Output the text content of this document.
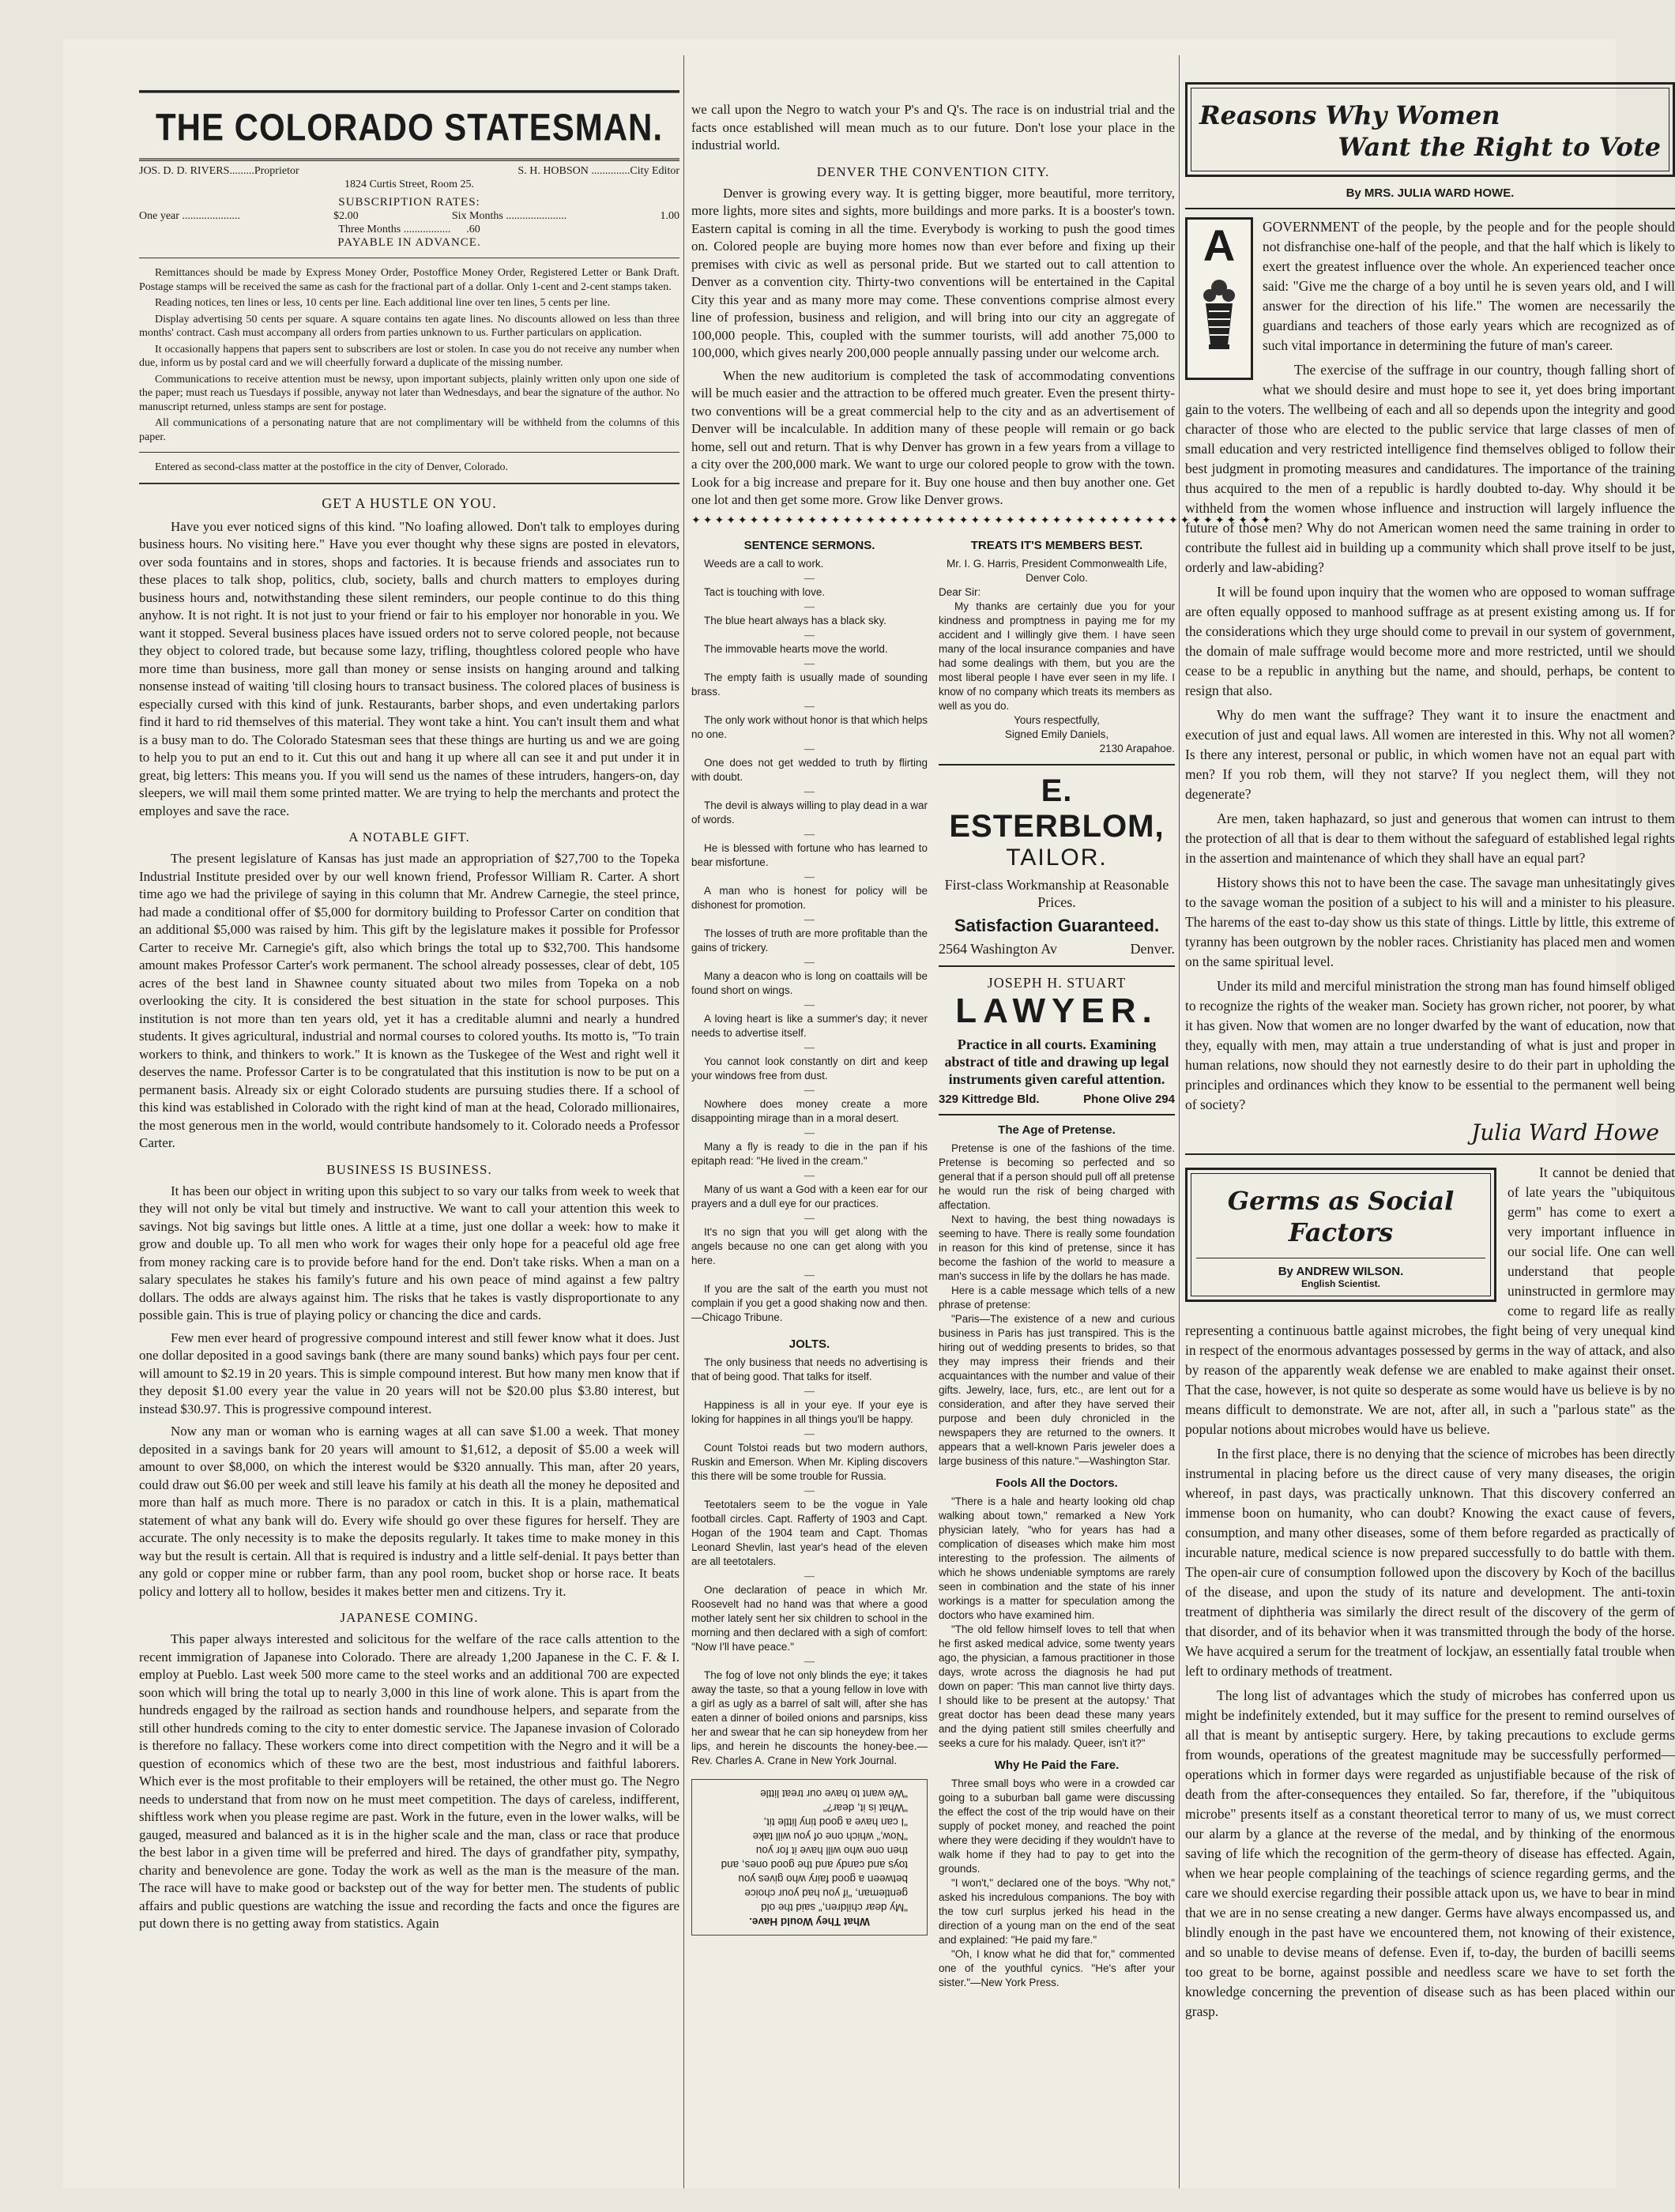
THE COLORADO STATESMAN.
JOS. D. D. RIVERS.........Proprietor	S. H. HOBSON ..............City Editor
1824 Curtis Street, Room 25.
SUBSCRIPTION RATES:
One year .....................	$2.00	Six Months ......................	1.00
Three Months ................. .60
PAYABLE IN ADVANCE.

Remittances should be made by Express Money Order, Postoffice Money Order, Registered Letter or Bank Draft. Postage stamps will be received the same as cash for the fractional part of a dollar. Only 1-cent and 2-cent stamps taken.

Reading notices, ten lines or less, 10 cents per line. Each additional line over ten lines, 5 cents per line.

Display advertising 50 cents per square. A square contains ten agate lines. No discounts allowed on less than three months' contract. Cash must accompany all orders from parties unknown to us. Further particulars on application.

It occasionally happens that papers sent to subscribers are lost or stolen. In case you do not receive any number when due, inform us by postal card and we will cheerfully forward a duplicate of the missing number.

Communications to receive attention must be newsy, upon important subjects, plainly written only upon one side of the paper; must reach us Tuesdays if possible, anyway not later than Wednesdays, and bear the signature of the author. No manuscript returned, unless stamps are sent for postage.

All communications of a personating nature that are not complimentary will be withheld from the columns of this paper.

Entered as second-class matter at the postoffice in the city of Denver, Colorado.

GET A HUSTLE ON YOU.

Have you ever noticed signs of this kind. "No loafing allowed. Don't talk to employes during business hours. No visiting here." Have you ever thought why these signs are posted in elevators, over soda fountains and in stores, shops and factories. It is because friends and associates run to these places to talk shop, politics, club, society, balls and church matters to employes during business hours and, notwithstanding these silent reminders, our people continue to do this thing anyhow. It is not right. It is not just to your friend or fair to his employer nor honorable in you. We want it stopped. Several business places have issued orders not to serve colored people, not because they object to colored trade, but because some lazy, trifling, thoughtless colored people who have more time than business, more gall than money or sense insists on hanging around and talking nonsense instead of waiting 'till closing hours to transact business. The colored places of business is especially cursed with this kind of junk. Restaurants, barber shops, and even undertaking parlors find it hard to rid themselves of this material. They wont take a hint. You can't insult them and what is a busy man to do. The Colorado Statesman sees that these things are hurting us and we are going to help you to put an end to it. Cut this out and hang it up where all can see it and put under it in great, big letters: This means you. If you will send us the names of these intruders, hangers-on, day sleepers, we will mail them some printed matter. We are trying to help the merchants and protect the employes and save the race.

A NOTABLE GIFT.

The present legislature of Kansas has just made an appropriation of $27,700 to the Topeka Industrial Institute presided over by our well known friend, Professor William R. Carter. A short time ago we had the privilege of saying in this column that Mr. Andrew Carnegie, the steel prince, had made a conditional offer of $5,000 for dormitory building to Professor Carter on condition that an additional $5,000 was raised by him. This gift by the legislature makes it possible for Professor Carter to receive Mr. Carnegie's gift, also which brings the total up to $32,700. This handsome amount makes Professor Carter's work permanent. The school already possesses, clear of debt, 105 acres of the best land in Shawnee county situated about two miles from Topeka on a nob overlooking the city. It is considered the best situation in the state for school purposes. This institution is not more than ten years old, yet it has a creditable alumni and nearly a hundred students. It gives agricultural, industrial and normal courses to colored youths. Its motto is, "To train workers to think, and thinkers to work." It is known as the Tuskegee of the West and right well it deserves the name. Professor Carter is to be congratulated that this institution is now to be put on a permanent basis. Already six or eight Colorado students are pursuing studies there. If a school of this kind was established in Colorado with the right kind of man at the head, Colorado millionaires, the most generous men in the world, would contribute handsomely to it. Colorado needs a Professor Carter.

BUSINESS IS BUSINESS.

It has been our object in writing upon this subject to so vary our talks from week to week that they will not only be vital but timely and instructive. We want to call your attention this week to savings. Not big savings but little ones. A little at a time, just one dollar a week: how to make it grow and double up. To all men who work for wages their only hope for a peaceful old age free from money racking care is to provide before hand for the end. Don't take risks. When a man on a salary speculates he stakes his family's future and his own peace of mind against a few paltry dollars. The odds are always against him. The risks that he takes is vastly disproportionate to any possible gain. This is true of playing policy or chancing the dice and cards.

Few men ever heard of progressive compound interest and still fewer know what it does. Just one dollar deposited in a good savings bank (there are many sound banks) which pays four per cent. will amount to $2.19 in 20 years. This is simple compound interest. But how many men know that if they deposit $1.00 every year the value in 20 years will not be $20.00 plus $3.80 interest, but instead $30.97. This is progressive compound interest.

Now any man or woman who is earning wages at all can save $1.00 a week. That money deposited in a savings bank for 20 years will amount to $1,612, a deposit of $5.00 a week will amount to over $8,000, on which the interest would be $320 annually. This man, after 20 years, could draw out $6.00 per week and still leave his family at his death all the money he deposited and more than half as much more. There is no paradox or catch in this. It is a plain, mathematical statement of what any bank will do. Every wife should go over these figures for herself. They are accurate. The only necessity is to make the deposits regularly. It takes time to make money in this way but the result is certain. All that is required is industry and a little self-denial. It pays better than any gold or copper mine or rubber farm, than any pool room, bucket shop or horse race. It beats policy and lottery all to hollow, besides it makes better men and citizens. Try it.

JAPANESE COMING.

This paper always interested and solicitous for the welfare of the race calls attention to the recent immigration of Japanese into Colorado. There are already 1,200 Japanese in the C. F. & I. employ at Pueblo. Last week 500 more came to the steel works and an additional 700 are expected soon which will bring the total up to nearly 3,000 in this line of work alone. This is apart from the hundreds engaged by the railroad as section hands and roundhouse helpers, and separate from the still other hundreds coming to the city to enter domestic service. The Japanese invasion of Colorado is therefore no fallacy. These workers come into direct competition with the Negro and it will be a question of economics which of these two are the best, most industrious and faithful laborers. Which ever is the most profitable to their employers will be retained, the other must go. The Negro needs to understand that from now on he must meet competition. The days of careless, indifferent, shiftless work when you please regime are past. Work in the future, even in the lower walks, will be gauged, measured and balanced as it is in the higher scale and the man, class or race that produce the best labor in a given time will be preferred and hired. The days of grandfather pity, sympathy, charity and benevolence are gone. Today the work as well as the man is the measure of the man. The race will have to make good or backstep out of the way for better men. The students of public affairs and public questions are watching the issue and recording the facts and once the figures are put down there is no getting away from statistics. Again

we call upon the Negro to watch your P's and Q's. The race is on industrial trial and the facts once established will mean much as to our future. Don't lose your place in the industrial world.

DENVER THE CONVENTION CITY.

Denver is growing every way. It is getting bigger, more beautiful, more territory, more lights, more sites and sights, more buildings and more parks. It is a booster's town. Eastern capital is coming in all the time. Everybody is working to push the good times on. Colored people are buying more homes now than ever before and fixing up their premises with civic as well as personal pride. But we started out to call attention to Denver as a convention city. Thirty-two conventions will be entertained in the Capital City this year and as many more may come. These conventions comprise almost every line of profession, business and religion, and will bring into our city an aggregate of 100,000 people. This, coupled with the summer tourists, will add another 75,000 to 100,000, which gives nearly 200,000 people annually passing under our welcome arch.

When the new auditorium is completed the task of accommodating conventions will be much easier and the attraction to be offered much greater. Even the present thirty-two conventions will be a great commercial help to the city and as an advertisement of Denver will be incalculable. In addition many of these people will remain or go back home, sell out and return. That is why Denver has grown in a few years from a village to a city over the 200,000 mark. We want to urge our colored people to grow with the town. Look for a big increase and prepare for it. Buy one house and then buy another one. Get one lot and then get some more. Grow like Denver grows.

✦✦✦✦✦✦✦✦✦✦✦✦✦✦✦✦✦✦✦✦✦✦✦✦✦✦✦✦✦✦✦✦✦✦✦✦✦✦✦✦✦✦✦✦✦✦✦✦✦✦
SENTENCE SERMONS.

Weeds are a call to work.

—

Tact is touching with love.

—

The blue heart always has a black sky.

—

The immovable hearts move the world.

—

The empty faith is usually made of sounding brass.

—

The only work without honor is that which helps no one.

—

One does not get wedded to truth by flirting with doubt.

—

The devil is always willing to play dead in a war of words.

—

He is blessed with fortune who has learned to bear misfortune.

—

A man who is honest for policy will be dishonest for promotion.

—

The losses of truth are more profitable than the gains of trickery.

—

Many a deacon who is long on coattails will be found short on wings.

—

A loving heart is like a summer's day; it never needs to advertise itself.

—

You cannot look constantly on dirt and keep your windows free from dust.

—

Nowhere does money create a more disappointing mirage than in a moral desert.

—

Many a fly is ready to die in the pan if his epitaph read: "He lived in the cream."

—

Many of us want a God with a keen ear for our prayers and a dull eye for our practices.

—

It's no sign that you will get along with the angels because no one can get along with you here.

—

If you are the salt of the earth you must not complain if you get a good shaking now and then.—Chicago Tribune.

JOLTS.

The only business that needs no advertising is that of being good. That talks for itself.

—

Happiness is all in your eye. If your eye is loking for happines in all things you'll be happy.

—

Count Tolstoi reads but two modern authors, Ruskin and Emerson. When Mr. Kipling discovers this there will be some trouble for Russia.

—

Teetotalers seem to be the vogue in Yale football circles. Capt. Rafferty of 1903 and Capt. Hogan of the 1904 team and Capt. Thomas Leonard Shevlin, last year's head of the eleven are all teetotalers.

—

One declaration of peace in which Mr. Roosevelt had no hand was that where a good mother lately sent her six children to school in the morning and then declared with a sigh of comfort: "Now I'll have peace."

—

The fog of love not only blinds the eye; it takes away the taste, so that a young fellow in love with a girl as ugly as a barrel of salt will, after she has eaten a dinner of boiled onions and parsnips, kiss her and swear that he can sip honeydew from her lips, and herein he discounts the honey-bee.—Rev. Charles A. Crane in New York Journal.

What They Would Have.

"My dear children," said the old

gentleman, "if you had your choice

between a good fairy who gives you

toys and candy and the good ones, and

then one who will have it for you

"Now," which one of you will take

"I can have a good tiny little tit,

"What is it, dear?"

"We want to have our treat little

TREATS IT'S MEMBERS BEST.

Mr. I. G. Harris, President Commonwealth Life, Denver Colo.

Dear Sir:

My thanks are certainly due you for your kindness and promptness in paying me for my accident and I willingly give them. I have seen many of the local insurance companies and have had some dealings with them, but you are the most liberal people I have ever seen in my life. I know of no company which treats its members as well as you do.

Yours respectfully,

Signed Emily Daniels,

2130 Arapahoe.

E. ESTERBLOM,
TAILOR.
First-class Workmanship at Reasonable Prices.
Satisfaction Guaranteed.
2564 Washington Av	Denver.
JOSEPH H. STUART
LAWYER.
Practice in all courts. Examining abstract of title and drawing up legal instruments given careful attention.
329 Kittredge Bld.	Phone Olive 294
The Age of Pretense.

Pretense is one of the fashions of the time. Pretense is becoming so perfected and so general that if a person should pull off all pretense he would run the risk of being charged with affectation.

Next to having, the best thing nowadays is seeming to have. There is really some foundation in reason for this kind of pretense, since it has become the fashion of the world to measure a man's success in life by the dollars he has made.

Here is a cable message which tells of a new phrase of pretense:

"Paris—The existence of a new and curious business in Paris has just transpired. This is the hiring out of wedding presents to brides, so that they may impress their friends and their acquaintances with the number and value of their gifts. Jewelry, lace, furs, etc., are lent out for a consideration, and after they have served their purpose and been duly chronicled in the newspapers they are returned to the owners. It appears that a well-known Paris jeweler does a large business of this nature."—Washington Star.

Fools All the Doctors.

"There is a hale and hearty looking old chap walking about town," remarked a New York physician lately, "who for years has had a complication of diseases which make him most interesting to the profession. The ailments of which he shows undeniable symptoms are rarely seen in combination and the state of his inner workings is a matter for speculation among the doctors who have examined him.

"The old fellow himself loves to tell that when he first asked medical advice, some twenty years ago, the physician, a famous practitioner in those days, wrote across the diagnosis he had put down on paper: 'This man cannot live thirty days. I should like to be present at the autopsy.' That great doctor has been dead these many years and the dying patient still smiles cheerfully and seeks a cure for his malady. Queer, isn't it?"

Why He Paid the Fare.

Three small boys who were in a crowded car going to a suburban ball game were discussing the effect the cost of the trip would have on their supply of pocket money, and reached the point where they were deciding if they wouldn't have to walk home if they had to pay to get into the grounds.

"I won't," declared one of the boys. "Why not," asked his incredulous companions. The boy with the tow curl surplus jerked his head in the direction of a young man on the end of the seat and explained: "He paid my fare."

"Oh, I know what he did that for," commented one of the youthful cynics. "He's after your sister."—New York Press.

Reasons Why Women
Want the Right to Vote
By MRS. JULIA WARD HOWE.
A	GOVERNMENT of the people, by the people and for the people should not disfranchise one-half of the people, and that the half which is likely to exert the greatest influence over the whole. An experienced teacher once said: "Give me the charge of a boy until he is seven years old, and I will answer for the direction of his life." The women are necessarily the guardians and teachers of those early years which are recognized as of such vital importance in determining the future of man's career.

The exercise of the suffrage in our country, though falling short of what we should desire and must hope to see it, yet does bring important gain to the voters. The wellbeing of each and all so depends upon the integrity and good character of those who are elected to the public service that large classes of men of small education and very restricted intelligence find themselves obliged to follow their best judgment in promoting measures and candidatures. The importance of the training thus acquired to the men of a republic is hardly doubted to-day. Why should it be withheld from the women whose influence and instruction will largely influence the future of those men? Why do not American women need the same training in order to contribute the fullest aid in building up a community which shall prove itself to be just, orderly and law-abiding?

It will be found upon inquiry that the women who are opposed to woman suffrage are often equally opposed to manhood suffrage as at present existing among us. If for the considerations which they urge should come to prevail in our system of government, the domain of male suffrage would become more and more restricted, until we should cease to be a republic in anything but the name, and should, perhaps, be content to resign that also.

Why do men want the suffrage? They want it to insure the enactment and execution of just and equal laws. All women are interested in this. Why not all women? Is there any interest, personal or public, in which women have not an equal part with men? If you rob them, will they not starve? If you neglect them, will they not degenerate?

Are men, taken haphazard, so just and generous that women can intrust to them the protection of all that is dear to them without the safeguard of established legal rights in the assertion and maintenance of which they shall have an equal part?

History shows this not to have been the case. The savage man unhesitatingly gives to the savage woman the position of a subject to his will and a minister to his pleasure. The harems of the east to-day show us this state of things. Little by little, this extreme of tyranny has been outgrown by the nobler races. Christianity has placed men and women on the same spiritual level.

Under its mild and merciful ministration the strong man has found himself obliged to recognize the rights of the weaker man. Society has grown richer, not poorer, by what it has given. Now that women are no longer dwarfed by the want of education, now that they, equally with men, may attain a true understanding of what is just and proper in human relations, now should they not earnestly desire to do their part in upholding the principles and ordinances which they know to be essential to the permanent well being of society?

Julia Ward Howe
Germs as Social
Factors
By ANDREW WILSON.
English Scientist.

It cannot be denied that of late years the "ubiquitous germ" has come to exert a very important influence in our social life. One can well understand that people uninstructed in germlore may come to regard life as really representing a continuous battle against microbes, the fight being of very unequal kind in respect of the enormous advantages possessed by germs in the way of attack, and also by reason of the apparently weak defense we are enabled to make against their onset. That the case, however, is not quite so desperate as some would have us believe is by no means difficult to demonstrate. We are not, after all, in such a "parlous state" as the popular notions about microbes would have us believe.

In the first place, there is no denying that the science of microbes has been directly instrumental in placing before us the direct cause of very many diseases, the origin whereof, in past days, was practically unknown. That this discovery conferred an immense boon on humanity, who can doubt? Knowing the exact cause of fevers, consumption, and many other diseases, some of them before regarded as practically of incurable nature, medical science is now prepared successfully to do battle with them. The open-air cure of consumption followed upon the discovery by Koch of the bacillus of the disease, and upon the study of its nature and development. The anti-toxin treatment of diphtheria was similarly the direct result of the discovery of the germ of that disorder, and of its behavior when it was transmitted through the body of the horse. We have acquired a serum for the treatment of lockjaw, an essentially fatal trouble when left to ordinary methods of treatment.

The long list of advantages which the study of microbes has conferred upon us might be indefinitely extended, but it may suffice for the present to remind ourselves of all that is meant by antiseptic surgery. Here, by taking precautions to exclude germs from wounds, operations of the greatest magnitude may be successfully performed—operations which in former days were regarded as unjustifiable because of the risk of death from the after-consequences they entailed. So far, therefore, if the "ubiquitous microbe" presents itself as a constant theoretical terror to many of us, we must correct our alarm by a glance at the reverse of the medal, and by thinking of the enormous saving of life which the recognition of the germ-theory of disease has effected. Again, when we hear people complaining of the teachings of science regarding germs, and the care we should exercise regarding their possible attack upon us, we have to bear in mind that we are in no sense creating a new danger. Germs have always encompassed us, and blindly enough in the past have we encountered them, not knowing of their existence, and so unable to devise means of defense. Even if, to-day, the burden of bacilli seems too great to be borne, against possible and needless scare we have to set forth the knowledge concerning the prevention of disease such as has been placed within our grasp.
